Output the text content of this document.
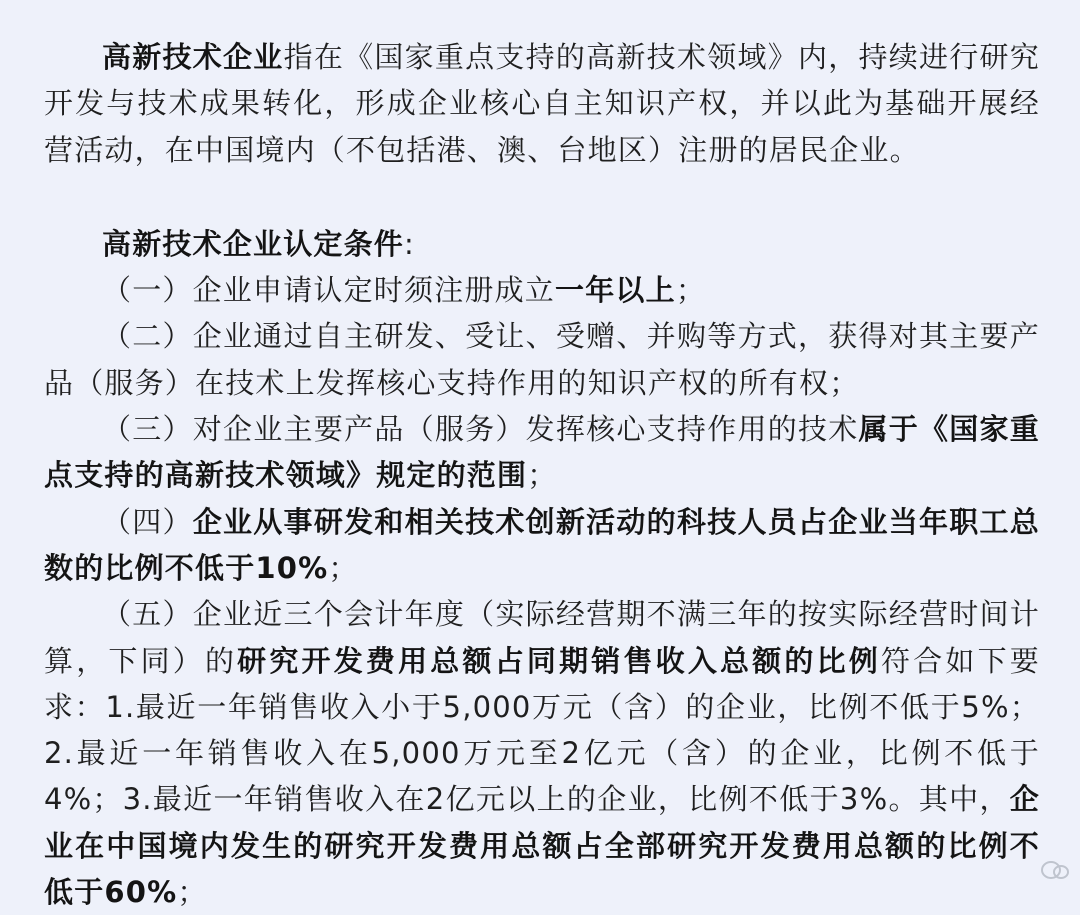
高新技术企业指在《国家重点支持的高新技术领域》内，持续进行研究开发与技术成果转化，形成企业核心自主知识产权，并以此为基础开展经营活动，在中国境内（不包括港、澳、台地区）注册的居民企业。

高新技术企业认定条件:

（一）企业申请认定时须注册成立一年以上；

（二）企业通过自主研发、受让、受赠、并购等方式，获得对其主要产品（服务）在技术上发挥核心支持作用的知识产权的所有权；

（三）对企业主要产品（服务）发挥核心支持作用的技术属于《国家重点支持的高新技术领域》规定的范围；

（四）企业从事研发和相关技术创新活动的科技人员占企业当年职工总数的比例不低于10%；

（五）企业近三个会计年度（实际经营期不满三年的按实际经营时间计算，下同）的研究开发费用总额占同期销售收入总额的比例符合如下要求：1.最近一年销售收入小于5,000万元（含）的企业，比例不低于5%；2.最近一年销售收入在5,000万元至2亿元（含）的企业，比例不低于4%；3.最近一年销售收入在2亿元以上的企业，比例不低于3%。其中，企业在中国境内发生的研究开发费用总额占全部研究开发费用总额的比例不低于60%；
